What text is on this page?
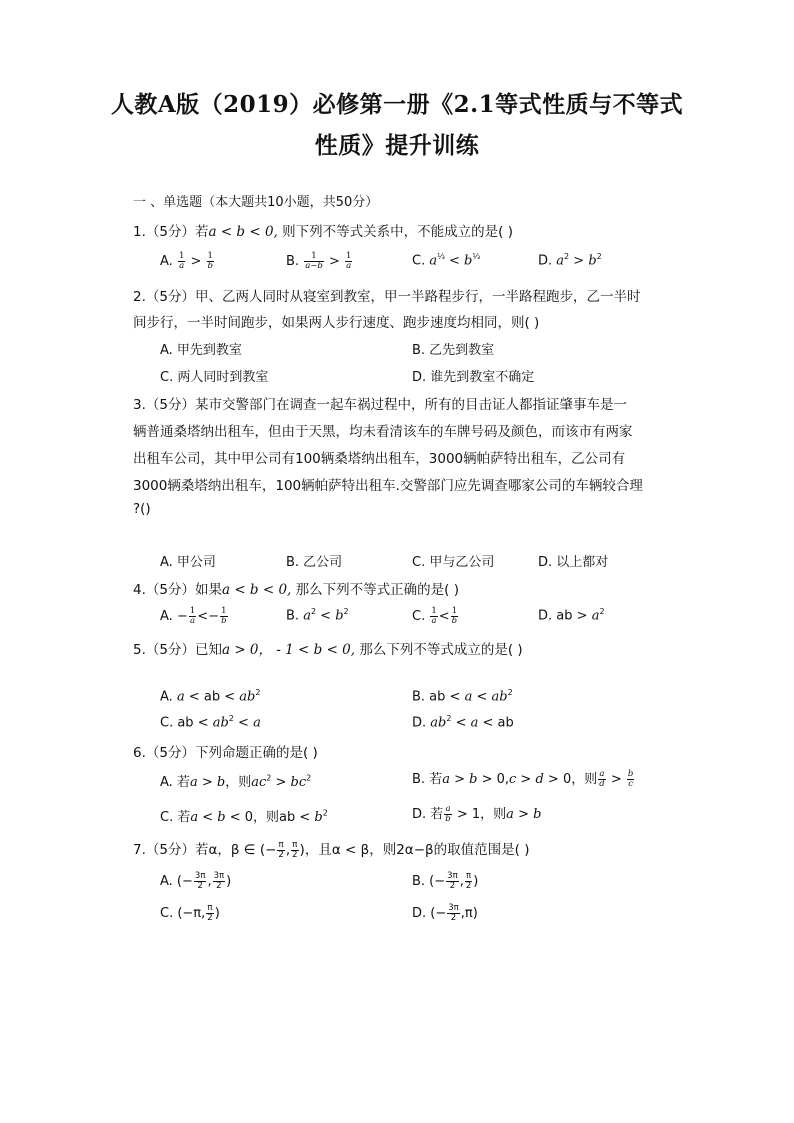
人教A版（2019）必修第一册《2.1等式性质与不等式
性质》提升训练
一 、单选题（本大题共10小题，共50分）
1.（5分）若a < b < 0, 则下列不等式关系中，不能成立的是( )
A. $\frac{1}{a} > \frac{1}{b}$	B. $\frac{1}{a-b} > \frac{1}{a}$	C. $a^{\frac{1}{3}} < b^{\frac{1}{3}}$	D. $a^2 > b^2$
2.（5分）甲、乙两人同时从寝室到教室，甲一半路程步行，一半路程跑步，乙一半时
间步行，一半时间跑步，如果两人步行速度、跑步速度均相同，则( )
A. 甲先到教室	B. 乙先到教室
C. 两人同时到教室	D. 谁先到教室不确定
3.（5分）某市交警部门在调查一起车祸过程中，所有的目击证人都指证肇事车是一
辆普通桑塔纳出租车，但由于天黑，均未看清该车的车牌号码及颜色，而该市有两家
出租车公司，其中甲公司有100辆桑塔纳出租车，3000辆帕萨特出租车，乙公司有
3000辆桑塔纳出租车，100辆帕萨特出租车.交警部门应先调查哪家公司的车辆较合理
?()
A. 甲公司	B. 乙公司	C. 甲与乙公司	D. 以上都对
4.（5分）如果a < b < 0, 那么下列不等式正确的是( )
A. − $\frac{1}{a} <- \frac{1}{b}$	B. $a^2 < b^2$	C. $\frac{1}{a} < \frac{1}{b}$	D. ab > $a^2$
5.（5分）已知a > 0， - 1 < b < 0, 那么下列不等式成立的是( )
A. a < ab < $ab^2$	B. ab < $a < ab^2$
C. ab < $ab^2 < a$	D. $ab^2 < a$ < ab
6.（5分）下列命题正确的是( )
A. 若a > b，则$ac^2 > bc^2$	B. 若a > b > 0,c > d > 0，则 $\frac{a}{d} > \frac{b}{c}$
C. 若a < b < 0，则ab < $b^2$	D. 若 $\frac{a}{b} > 1$，则a > b
7.（5分）若α，β ∈ (− $\frac{\pi}{2}$ , $\frac{\pi}{2}$ )，且α < β，则2α−β的取值范围是( )
A. (− $\frac{3\pi}{2}$ , $\frac{3\pi}{2}$ )	B. (− $\frac{3\pi}{2}$ , $\frac{\pi}{2}$ )
C. (−π, $\frac{\pi}{2}$ )	D. (− $\frac{3\pi}{2} ,\pi$)
